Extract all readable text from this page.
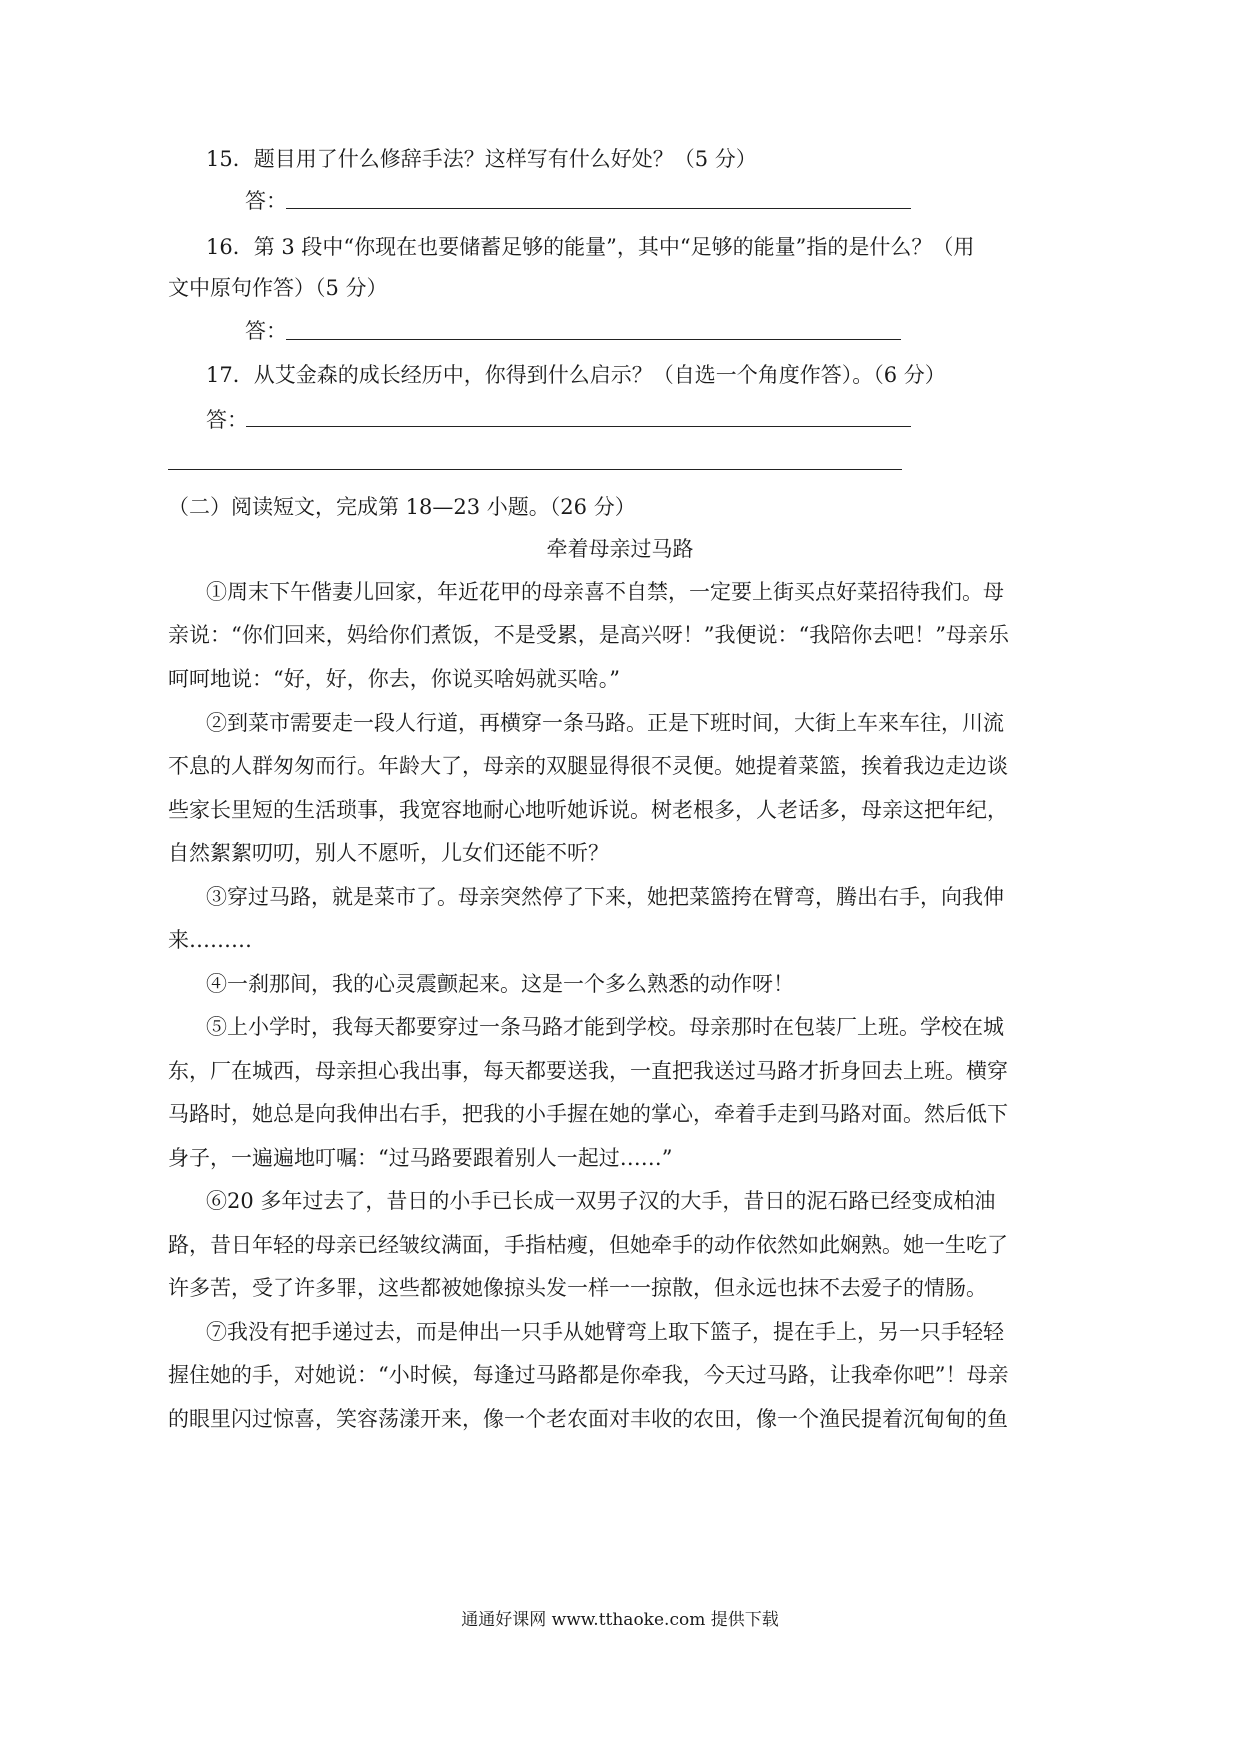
15．题目用了什么修辞手法？这样写有什么好处？（5 分）
答：
16．第 3 段中“你现在也要储蓄足够的能量”，其中“足够的能量”指的是什么？（用
文中原句作答）（5 分）
答：
17．从艾金森的成长经历中，你得到什么启示？（自选一个角度作答）。（6 分）
答：
（二）阅读短文，完成第 18—23 小题。（26 分）
牵着母亲过马路
①周末下午偕妻儿回家，年近花甲的母亲喜不自禁，一定要上街买点好菜招待我们。母
亲说：“你们回来，妈给你们煮饭，不是受累，是高兴呀！”我便说：“我陪你去吧！”母亲乐
呵呵地说：“好，好，你去，你说买啥妈就买啥。”
②到菜市需要走一段人行道，再横穿一条马路。正是下班时间，大街上车来车往，川流
不息的人群匆匆而行。年龄大了，母亲的双腿显得很不灵便。她提着菜篮，挨着我边走边谈
些家长里短的生活琐事，我宽容地耐心地听她诉说。树老根多，人老话多，母亲这把年纪，
自然絮絮叨叨，别人不愿听，儿女们还能不听？
③穿过马路，就是菜市了。母亲突然停了下来，她把菜篮挎在臂弯，腾出右手，向我伸
来………
④一刹那间，我的心灵震颤起来。这是一个多么熟悉的动作呀！
⑤上小学时，我每天都要穿过一条马路才能到学校。母亲那时在包装厂上班。学校在城
东，厂在城西，母亲担心我出事，每天都要送我，一直把我送过马路才折身回去上班。横穿
马路时，她总是向我伸出右手，把我的小手握在她的掌心，牵着手走到马路对面。然后低下
身子，一遍遍地叮嘱：“过马路要跟着别人一起过……”
⑥20 多年过去了，昔日的小手已长成一双男子汉的大手，昔日的泥石路已经变成柏油
路，昔日年轻的母亲已经皱纹满面，手指枯瘦，但她牵手的动作依然如此娴熟。她一生吃了
许多苦，受了许多罪，这些都被她像掠头发一样一一掠散，但永远也抹不去爱子的情肠。
⑦我没有把手递过去，而是伸出一只手从她臂弯上取下篮子，提在手上，另一只手轻轻
握住她的手，对她说：“小时候，每逢过马路都是你牵我，今天过马路，让我牵你吧”！母亲
的眼里闪过惊喜，笑容荡漾开来，像一个老农面对丰收的农田，像一个渔民提着沉甸甸的鱼
通通好课网 www.tthaoke.com 提供下载
